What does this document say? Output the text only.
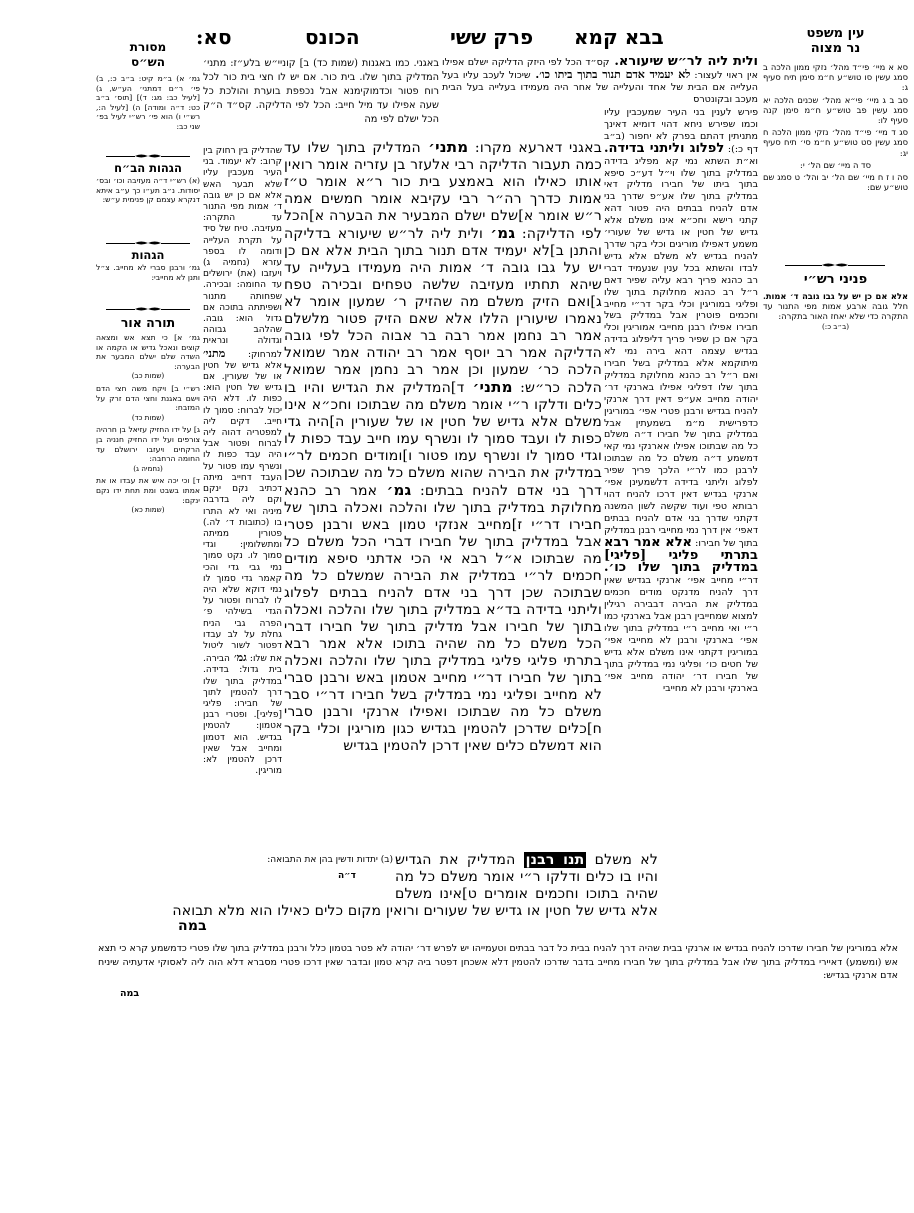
סא:	הכונס	פרק ששי בבא קמא	עין משפט
נר מצוה

סא א מיי׳ פי״ד מהל׳ נזקי ממון הלכה ב סמג עשין סו טוש״ע ח״מ סימן תיח סעיף ג:

סב ב ג מיי׳ פי״א מהל׳ שכנים הלכה יא סמג עשין פב טוש״ע ח״מ סימן קנה סעיף לו:

סג ד מיי׳ פי״ד מהל׳ נזקי ממון הלכה ח סמג עשין סט טוש״ע ח״מ סי׳ תיח סעיף יג:

סד ה מיי׳ שם הל׳ י:

סה ו ז ח מיי׳ שם הל׳ יב והל׳ ט סמג שם טוש״ע שם:

פניני רש״י
אלא אם כן יש על גבו גובה ד׳ אמות. חלל גובה ארבע אמות מפי התנור עד התקרה כדי שלא יאחז האור בתקרה:
(ב״ב כ:)
מסורת
הש״ס
גמ׳ א) ב״מ קיט: ב״ב כ:, ב) פי׳ ר״ם דמתני׳ הע״ש, ג) [לעיל כב: מג: ד)] [תוס׳ ב״ב כט: ד״ה ומודה] ה) [לעיל ה:, רש״י ו) הוא פי׳ רש״י לעיל בפ׳ שני כב:
הגהות הב״ח
(א) רש״י ד״ה מעזיבה וכו׳ ובס׳ יסודות. נ״ב תע״ו כך ע״ב איתא דנקרא עצמם קן פנימית ע״ש:
הגהות
גמ׳ ורבנן סברי לא מחייב. צ״ל ותנן לא מחייבי:
תורה אור

גמ׳ א] כי תצא אש ומצאה קוצים ונאכל גדיש או הקמה או השדה שלם ישלם המבער את הבערה:
(שמות כב)

רש״י ב] ויקח משה חצי הדם וישם באגנת וחצי הדם זרק על המזבח:
(שמות כד)

ג] על ידו החזיק עזיאל בן חרהיה צורפים ועל ידו החזיק חנניה בן הרקחים ויעזבו ירושלם עד החומה הרחבה:
(נחמיה ג)

ד] וכי יכה איש את עבדו או את אמתו בשבט ומת תחת ידו נקם ינקם:
(שמות כא)

באגני. כמו באגנות (שמות כד) ב] קוניי״ש בלע״ז: מתני׳ המדליק בתוך שלו. בית כור. אם יש לו חצי בית כור לכל רוח פטור וכדמוקימנא אבל נכפפת בוערת והולכת כל שעה אפילו עד מיל חייב: הכל לפי הדליקה. קס״ד ה״ק הכל ישלם לפי מה
שהדליק בין רחוק בין קרוב: לא יעמוד. בני העיר מעכבין עליו שלא תבער האש אלא אם כן יש גובה ד׳ אמות מפי התנור עד התקרה: מעזיבה. טיח של סיד על תקרת העלייה ודומה לו בספר עזרא (נחמיה ג) ויעזבו (את) ירושלים עד החומה: ובכירה. שפחותה מתנור ושפיתתה בתוכה אם גדול הוא: גובה. שהלהב גבוהה וגדולה ונראית למרחוק: מתני׳ אלא גדיש של חטין או של שעורין. אם גדיש של חטין הוא: כפות לו. דלא היה יכול לברוח: סמוך לו חייב. דקים ליה למפטריה דהוה ליה לברוח ופטור אבל היה עבד כפות לו ונשרף עמו פטור על העבד דחייב מיתה דכתיב נקם ינקם וקם ליה בדרבה מיניה ואי לא התרו בו (כתובות ד׳ לה.) פטורין ממיתה ומתשלומין: וגדי סמוך לו. נקט סמוך נמי גבי גדי והכי קאמר גדי סמוך לו נמי דוקא שלא היה לו לברוח ופטור על הגדי בשילהי פ׳ הפרה גבי הניח גחלת על לב עבדו דפטור לשור ליטול את שלו: גמ׳ הבירה. בית גדול: בדידה. במדליק בתוך שלו דרך להטמין לתוך של חבירו: פליגי [פליגי]. ופטרי רבנן אטמון: להטמין בגדיש. הוא דטמון ומחייב אבל שאין דרכן להטמין לא: מוריגין.
(ב) יתדות ודשין בהן את התבואה:
ד״ה
באגני דארעא מקרו: מתני׳ המדליק בתוך שלו עד כמה תעבור הדליקה רבי אלעזר בן עזריה אומר רואין אותו כאילו הוא באמצע בית כור ר״א אומר ט״ז אמות כדרך רה״ר רבי עקיבא אומר חמשים אמה ר״ש אומר א]שלם ישלם המבעיר את הבערה א]הכל לפי הדליקה: גמ׳ ולית ליה לר״ש שיעורא בדליקה והתנן ב]לא יעמיד אדם תנור בתוך הבית אלא אם כן יש על גבו גובה ד׳ אמות היה מעמידו בעלייה עד שיהא תחתיו מעזיבה שלשה טפחים ובכירה טפח ג]ואם הזיק משלם מה שהזיק ר׳ שמעון אומר לא נאמרו שיעורין הללו אלא שאם הזיק פטור מלשלם אמר רב נחמן אמר רבה בר אבוה הכל לפי גובה הדליקה אמר רב יוסף אמר רב יהודה אמר שמואל הלכה כר׳ שמעון וכן אמר רב נחמן אמר שמואל הלכה כר״ש: מתני׳ ד]המדליק את הגדיש והיו בו כלים ודלקו ר״י אומר משלם מה שבתוכו וחכ״א אינו משלם אלא גדיש של חטין או של שעורין ה]היה גדי כפות לו ועבד סמוך לו ונשרף עמו חייב עבד כפות לו וגדי סמוך לו ונשרף עמו פטור ו]ומודים חכמים לר״י במדליק את הבירה שהוא משלם כל מה שבתוכה שכן דרך בני אדם להניח בבתים: גמ׳ אמר רב כהנא מחלוקת במדליק בתוך שלו והלכה ואכלה בתוך של חבירו דר״י ז]מחייב אנזקי טמון באש ורבנן פטרי אבל במדליק בתוך של חבירו דברי הכל משלם כל מה שבתוכו א״ל רבא אי הכי אדתני סיפא מודים חכמים לר״י במדליק את הבירה שמשלם כל מה שבתוכה שכן דרך בני אדם להניח בבתים לפלוג וליתני בדידה בד״א במדליק בתוך שלו והלכה ואכלה בתוך של חבירו אבל מדליק בתוך של חבירו דברי הכל משלם כל מה שהיה בתוכו אלא אמר רבא בתרתי פליגי פליגי במדליק בתוך שלו והלכה ואכלה בתוך של חבירו דר״י מחייב אטמון באש ורבנן סברי לא מחייב ופליגי נמי במדליק בשל חבירו דר״י סבר משלם כל מה שבתוכו ואפילו ארנקי ורבנן סברי ח]כלים שדרכן להטמין בגדיש כגון מוריגין וכלי בקר הוא דמשלם כלים שאין דרכן להטמין בגדיש
לא משלם תנו רבנן המדליק את הגדיש והיו בו כלים ודלקו ר״י אומר משלם כל מה שהיה בתוכו וחכמים אומרים ט]אינו משלם אלא גדיש של חטין או גדיש של שעורים ורואין מקום כלים כאילו הוא מלא תבואה
במה
ולית ליה לר״ש שיעורא. קס״ד הכל לפי היזק הדליקה ישלם אפילו אין ראוי לעצור: לא יעמיד אדם תנור בתוך ביתו כו׳. שיכול לעכב עליו בעל העלייה אם הבית של אחד והעלייה של אחר היה מעמידו בעלייה בעל הבית מעכב ובקונטרס
פירש לענין בני העיר שמעכבין עליו וכמו שפירש ניחא דהוי דומיא דאינך מתניתין דהתם בפרק לא יחפור (ב״ב דף כ:): לפלוג וליתני בדידה. וא״ת השתא נמי קא מפליג בדידה במדליק בתוך שלו וי״ל דע״כ סיפא בתוך ביתו של חבירו מדליק דאי במדליק בתוך שלו אע״פ שדרך בני אדם להניח בבתים היה פטור דהא קתני רישא וחכ״א אינו משלם אלא גדיש של חטין או גדיש של שעורי׳ משמע דאפילו מוריגים וכלי בקר שדרך להניח בגדיש לא משלם אלא גדיש לבדו והשתא בכל ענין שנעמיד דברי רב כהנא פריך רבא עליה שפיר דאם ר״ל רב כהנא מחלוקת בתוך שלו ופליגי במוריגין וכלי בקר דר״י מחייב וחכמים פוטרין אבל במדליק בשל חבירו אפילו רבנן מחייבי אמוריגין וכלי בקר אם כן שפיר פריך דליפלוג בדידה בגדיש עצמה דהא בירה נמי לא מיתוקמא אלא במדליק בשל חבירו ואם ר״ל רב כהנא מחלוקת במדליק בתוך שלו דפליגי אפילו בארנקי דר׳ יהודה מחייב אע״פ דאין דרך ארנקי להניח בגדיש ורבנן פטרי אפי׳ במוריגין כדפרישית מ״מ בשמעתין אבל במדליק בתוך של חבירו ד״ה משלם כל מה שבתוכו אפילו אארנקי נמי קאי דמשמע ד״ה משלם כל מה שבתוכו לרבנן כמו לר״י הלכך פריך שפיר לפלוג וליתני בדידה דלשמעינן אפי׳ ארנקי בגדיש דאין דרכו להניח דהוי רבותא טפי ועוד שקשה לשון המשנה דקתני שדרך בני אדם להניח בבתים דאפי׳ אין דרך נמי מחייבי רבנן במדליק בתוך של חבירו: אלא אמר רבא בתרתי פליגי [פליגי] במדליק בתוך שלו כו׳. דר״י מחייב אפי׳ ארנקי בגדיש שאין דרך להניח מדנקט מודים חכמים במדליק את הבירה דבבירה רגילין למצוא שמחייבין רבנן אבל בארנקי כמו ר״י ואי מחייב ר״י במדליק בתוך שלו אפי׳ בארנקי ורבנן לא מחייבי אפי׳ במוריגין דקתני אינו משלם אלא גדיש של חטים כו׳ ופליגי נמי במדליק בתוך של חבירו דר׳ יהודה מחייב אפי׳ בארנקי ורבנן לא מחייבי
אלא במוריגין של חבירו שדרכו להניח בגדיש או ארנקי בבית שהיה דרך להניח בבית כל דבר בבתים וטעמייהו יש לפרש דר׳ יהודה לא פטר בטמון כלל ורבנן במדליק בתוך שלו פטרי כדמשמע קרא כי תצא אש (ומשמע) דאיירי במדליק בתוך שלו אבל במדליק בתוך של חבירו מחייב בדבר שדרכו להטמין דלא אשכחן דפטר ביה קרא טמון ובדבר שאין דרכו פטרי מסברא דלא הוה ליה לאסוקי אדעתיה שיניח אדם ארנקי בגדיש:
במה
